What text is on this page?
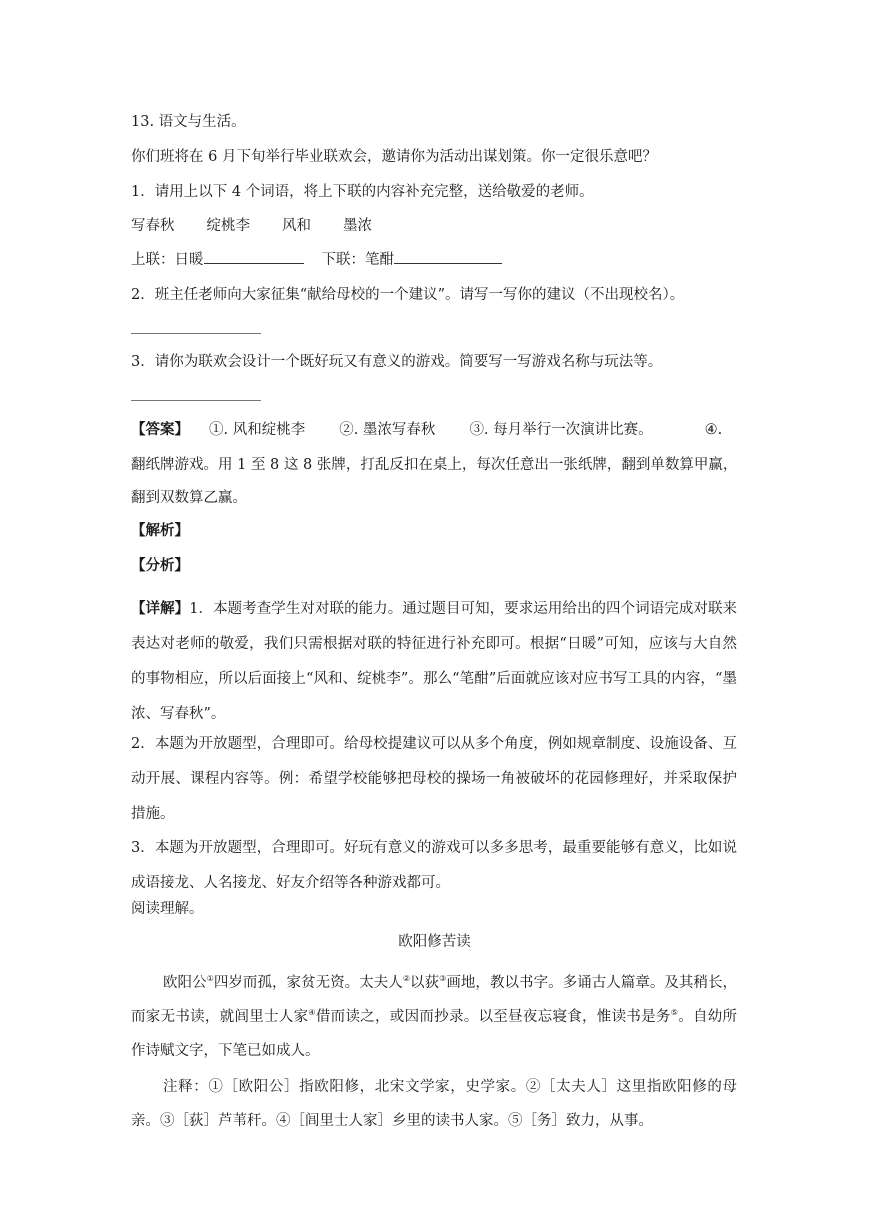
13. 语文与生活。
你们班将在 6 月下旬举行毕业联欢会，邀请你为活动出谋划策。你一定很乐意吧？
1．请用上以下 4 个词语，将上下联的内容补充完整，送给敬爱的老师。
写春秋 绽桃李 风和 墨浓
上联：日暖	下联：笔酣
2．班主任老师向大家征集“献给母校的一个建议”。请写一写你的建议（不出现校名）。
3．请你为联欢会设计一个既好玩又有意义的游戏。简要写一写游戏名称与玩法等。
【答案】 ①. 风和绽桃李 ②. 墨浓写春秋 ③. 每月举行一次演讲比赛。	④.
翻纸牌游戏。用 1 至 8 这 8 张牌，打乱反扣在桌上，每次任意出一张纸牌，翻到单数算甲赢，
翻到双数算乙赢。
【解析】
【分析】
【详解】1．本题考查学生对对联的能力。通过题目可知，要求运用给出的四个词语完成对联来表达对老师的敬爱，我们只需根据对联的特征进行补充即可。根据“日暖”可知，应该与大自然的事物相应，所以后面接上“风和、绽桃李”。那么“笔酣”后面就应该对应书写工具的内容，“墨浓、写春秋”。
2．本题为开放题型，合理即可。给母校提建议可以从多个角度，例如规章制度、设施设备、互动开展、课程内容等。例：希望学校能够把母校的操场一角被破坏的花园修理好，并采取保护措施。
3．本题为开放题型，合理即可。好玩有意义的游戏可以多多思考，最重要能够有意义，比如说成语接龙、人名接龙、好友介绍等各种游戏都可。
阅读理解。
欧阳修苦读
欧阳公①四岁而孤，家贫无资。太夫人②以荻③画地，教以书字。多诵古人篇章。及其稍长，而家无书读，就闾里士人家④借而读之，或因而抄录。以至昼夜忘寝食，惟读书是务⑤。自幼所作诗赋文字，下笔已如成人。
注释：①［欧阳公］指欧阳修，北宋文学家，史学家。②［太夫人］这里指欧阳修的母亲。③［荻］芦苇秆。④［闾里士人家］乡里的读书人家。⑤［务］致力，从事。
